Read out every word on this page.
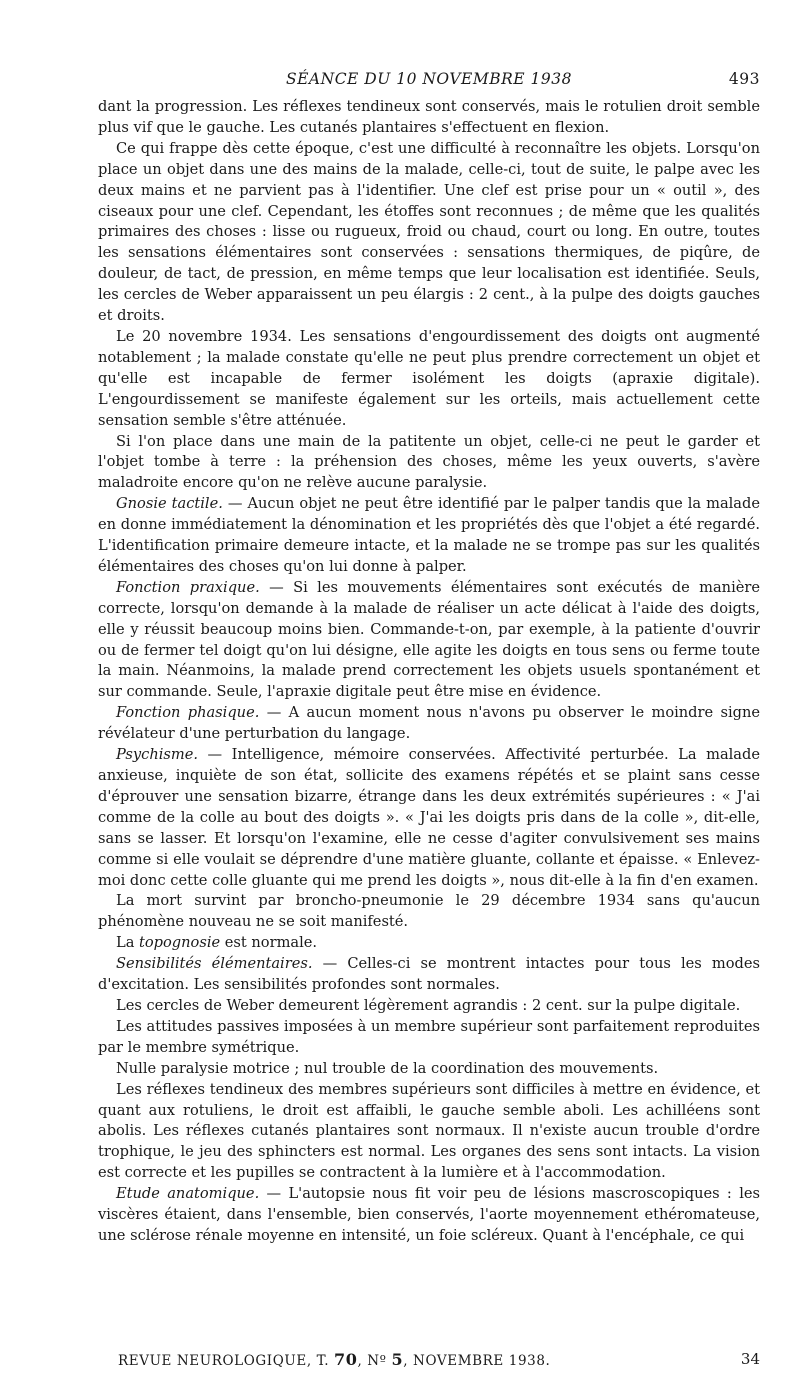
SÉANCE DU 10 NOVEMBRE 1938	493

dant la progression. Les réflexes tendineux sont conservés, mais le rotulien droit semble plus vif que le gauche. Les cutanés plantaires s'effectuent en flexion.

Ce qui frappe dès cette époque, c'est une difficulté à reconnaître les objets. Lorsqu'on place un objet dans une des mains de la malade, celle-ci, tout de suite, le palpe avec les deux mains et ne parvient pas à l'identifier. Une clef est prise pour un « outil », des ciseaux pour une clef. Cependant, les étoffes sont reconnues ; de même que les qualités primaires des choses : lisse ou rugueux, froid ou chaud, court ou long. En outre, toutes les sensations élémentaires sont conservées : sensations thermiques, de piqûre, de douleur, de tact, de pression, en même temps que leur localisation est identifiée. Seuls, les cercles de Weber apparaissent un peu élargis : 2 cent., à la pulpe des doigts gauches et droits.

Le 20 novembre 1934. Les sensations d'engourdissement des doigts ont augmenté notablement ; la malade constate qu'elle ne peut plus prendre correctement un objet et qu'elle est incapable de fermer isolément les doigts (apraxie digitale). L'engourdissement se manifeste également sur les orteils, mais actuellement cette sensation semble s'être atténuée.

Si l'on place dans une main de la patitente un objet, celle-ci ne peut le garder et l'objet tombe à terre : la préhension des choses, même les yeux ouverts, s'avère maladroite encore qu'on ne relève aucune paralysie.

Gnosie tactile. — Aucun objet ne peut être identifié par le palper tandis que la malade en donne immédiatement la dénomination et les propriétés dès que l'objet a été regardé. L'identification primaire demeure intacte, et la malade ne se trompe pas sur les qualités élémentaires des choses qu'on lui donne à palper.

Fonction praxique. — Si les mouvements élémentaires sont exécutés de manière correcte, lorsqu'on demande à la malade de réaliser un acte délicat à l'aide des doigts, elle y réussit beaucoup moins bien. Commande-t-on, par exemple, à la patiente d'ouvrir ou de fermer tel doigt qu'on lui désigne, elle agite les doigts en tous sens ou ferme toute la main. Néanmoins, la malade prend correctement les objets usuels spontanément et sur commande. Seule, l'apraxie digitale peut être mise en évidence.

Fonction phasique. — A aucun moment nous n'avons pu observer le moindre signe révélateur d'une perturbation du langage.

Psychisme. — Intelligence, mémoire conservées. Affectivité perturbée. La malade anxieuse, inquiète de son état, sollicite des examens répétés et se plaint sans cesse d'éprouver une sensation bizarre, étrange dans les deux extrémités supérieures : « J'ai comme de la colle au bout des doigts ». « J'ai les doigts pris dans de la colle », dit-elle, sans se lasser. Et lorsqu'on l'examine, elle ne cesse d'agiter convulsivement ses mains comme si elle voulait se déprendre d'une matière gluante, collante et épaisse. « Enlevez-moi donc cette colle gluante qui me prend les doigts », nous dit-elle à la fin d'en examen.

La mort survint par broncho-pneumonie le 29 décembre 1934 sans qu'aucun phénomène nouveau ne se soit manifesté.

La topognosie est normale.

Sensibilités élémentaires. — Celles-ci se montrent intactes pour tous les modes d'excitation. Les sensibilités profondes sont normales.

Les cercles de Weber demeurent légèrement agrandis : 2 cent. sur la pulpe digitale.

Les attitudes passives imposées à un membre supérieur sont parfaitement reproduites par le membre symétrique.

Nulle paralysie motrice ; nul trouble de la coordination des mouvements.

Les réflexes tendineux des membres supérieurs sont difficiles à mettre en évidence, et quant aux rotuliens, le droit est affaibli, le gauche semble aboli. Les achilléens sont abolis. Les réflexes cutanés plantaires sont normaux. Il n'existe aucun trouble d'ordre trophique, le jeu des sphincters est normal. Les organes des sens sont intacts. La vision est correcte et les pupilles se contractent à la lumière et à l'accommodation.

Etude anatomique. — L'autopsie nous fit voir peu de lésions mascroscopiques : les viscères étaient, dans l'ensemble, bien conservés, l'aorte moyennement ethéromateuse, une sclérose rénale moyenne en intensité, un foie scléreux. Quant à l'encéphale, ce qui

REVUE NEUROLOGIQUE, T. 70, Nº 5, NOVEMBRE 1938.	34
